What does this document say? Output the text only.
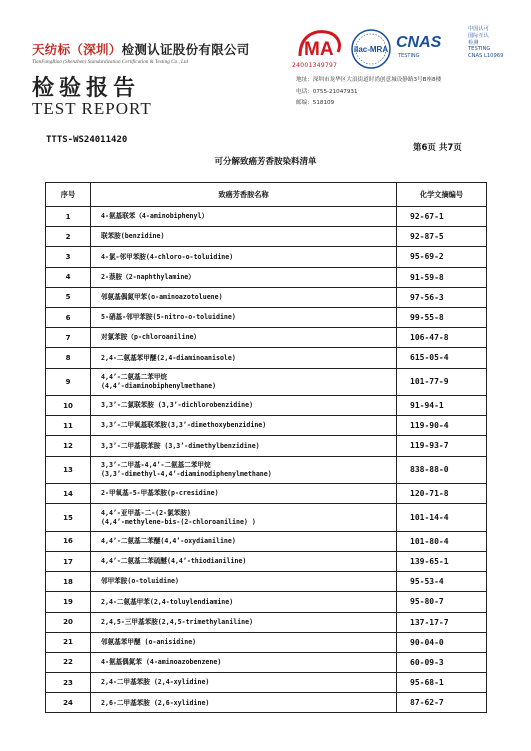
天纺标（深圳）检测认证股份有限公司
TianFangBiao (Shenzhen) Standardization Certification & Testing Co., Ltd
检验报告
TEST REPORT
MA
24001349797
ilac-MRA CNAS
TESTING
中国认可
国际互认
检测
TESTING
CNAS L10969
地址：深圳市龙华区大浪街道时尚创意城设静路3号B座8楼
电话：0755-21047931
邮编：518109
TTTS-WS24011420
第6页 共7页
可分解致癌芳香胺染料清单
序号	致癌芳香胺名称	化学文摘编号
1	4-氨基联苯（4-aminobiphenyl）	92-67-1
2	联苯胺(benzidine)	92-87-5
3	4-氯-邻甲苯胺(4-chloro-o-toluidine)	95-69-2
4	2-萘胺（2-naphthylamine）	91-59-8
5	邻氨基偶氮甲苯(o-aminoazotoluene)	97-56-3
6	5-硝基-邻甲苯胺(5-nitro-o-toluidine)	99-55-8
7	对氯苯胺（p-chloroaniline）	106-47-8
8	2,4-二氨基苯甲醚(2,4-diaminoanisole)	615-05-4
9	4,4’-二氨基二苯甲烷
(4,4’-diaminobiphenylmethane)	101-77-9
10	3,3’-二氯联苯胺 (3,3’-dichlorobenzidine)	91-94-1
11	3,3’-二甲氧基联苯胺(3,3’-dimethoxybenzidine)	119-90-4
12	3,3’-二甲基联苯胺 (3,3’-dimethylbenzidine)	119-93-7
13	3,3’-二甲基-4,4’-二氨基二苯甲烷
(3,3’-dimethyl-4,4’-diaminodiphenylmethane)	838-88-0
14	2-甲氧基-5-甲基苯胺(p-cresidine)	120-71-8
15	4,4’-亚甲基-二-(2-氯苯胺)
(4,4’-methylene-bis-(2-chloroaniline) )	101-14-4
16	4,4’-二氨基二苯醚(4,4’-oxydianiline)	101-80-4
17	4,4’-二氨基二苯硫醚(4,4’-thiodianiline)	139-65-1
18	邻甲苯胺(o-toluidine)	95-53-4
19	2,4-二氨基甲苯(2,4-toluylendiamine)	95-80-7
20	2,4,5-三甲基苯胺(2,4,5-trimethylaniline)	137-17-7
21	邻氨基苯甲醚 (o-anisidine)	90-04-0
22	4-氨基偶氮苯 (4-aminoazobenzene)	60-09-3
23	2,4-二甲基苯胺 (2,4-xylidine)	95-68-1
24	2,6-二甲基苯胺 (2,6-xylidine)	87-62-7
